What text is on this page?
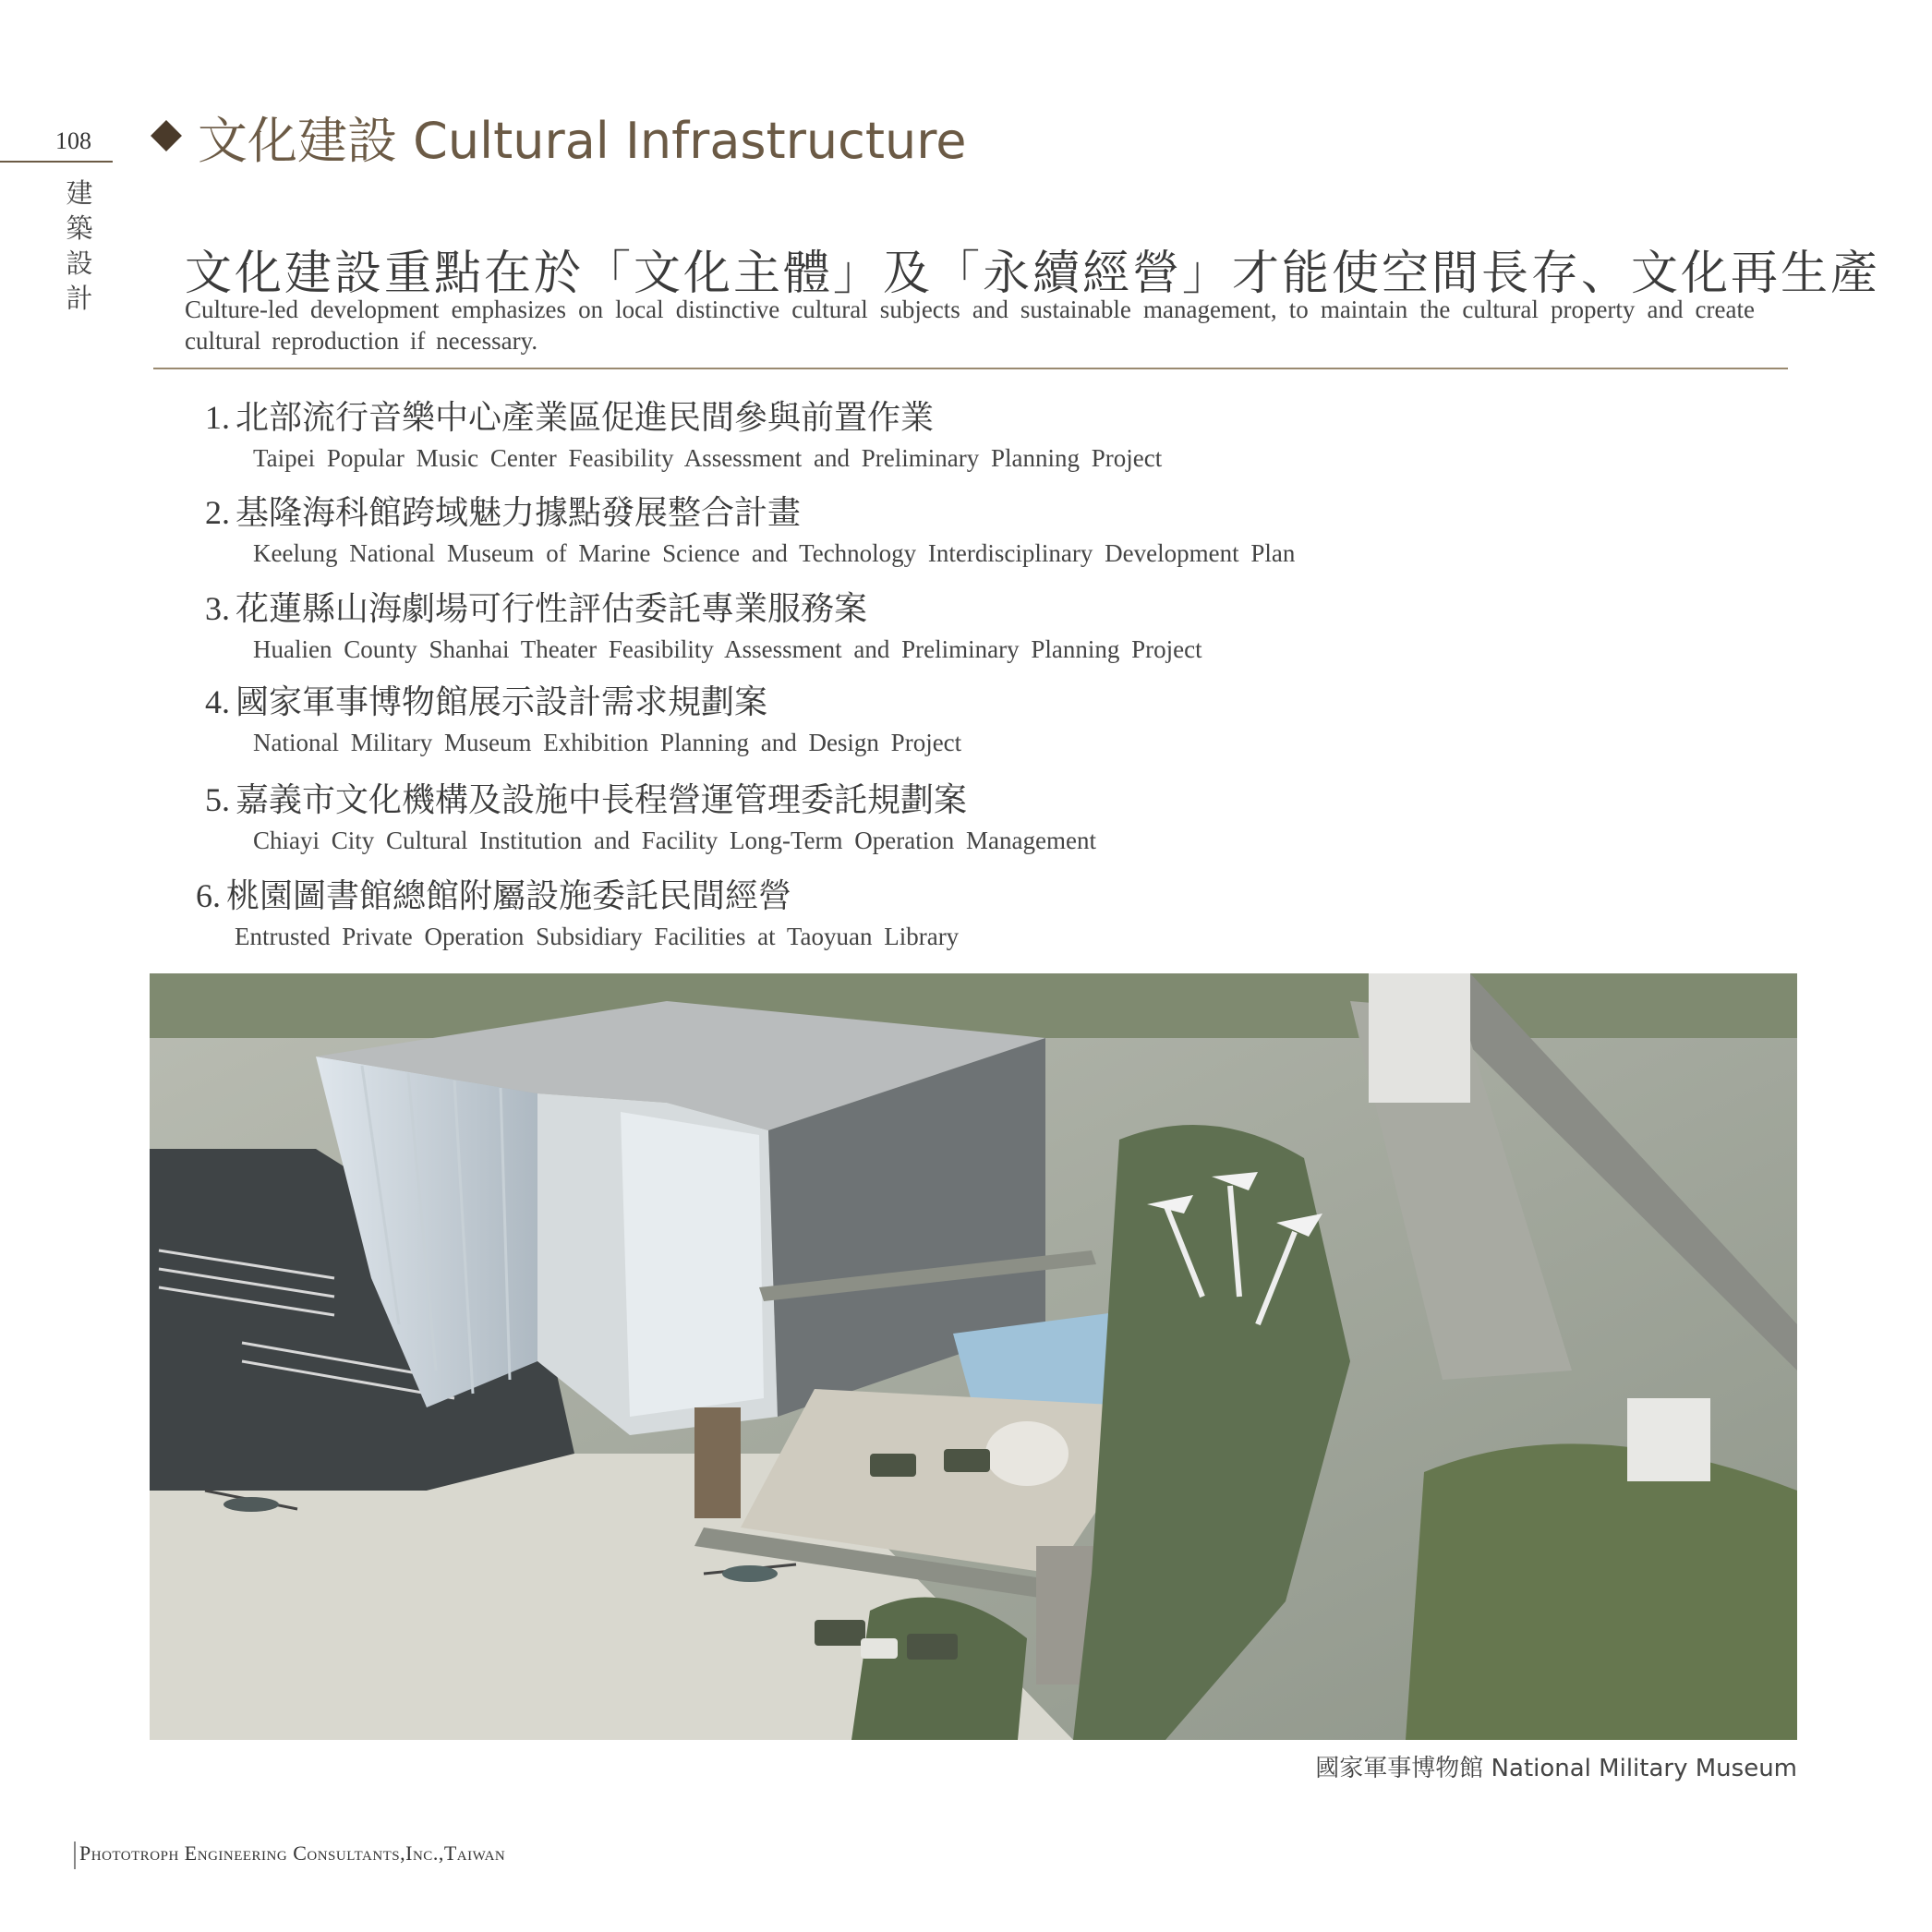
108
建
築
設
計
文化建設 Cultural Infrastructure
文化建設重點在於「文化主體」及「永續經營」才能使空間長存、文化再生產
Culture-led development emphasizes on local distinctive cultural subjects and sustainable management, to maintain the cultural property and create cultural reproduction if necessary.
1. 北部流行音樂中心產業區促進民間參與前置作業
Taipei Popular Music Center Feasibility Assessment and Preliminary Planning Project
2. 基隆海科館跨域魅力據點發展整合計畫
Keelung National Museum of Marine Science and Technology Interdisciplinary Development Plan
3. 花蓮縣山海劇場可行性評估委託專業服務案
Hualien County Shanhai Theater Feasibility Assessment and Preliminary Planning Project
4. 國家軍事博物館展示設計需求規劃案
National Military Museum Exhibition Planning and Design Project
5. 嘉義市文化機構及設施中長程營運管理委託規劃案
Chiayi City Cultural Institution and Facility Long-Term Operation Management
6. 桃園圖書館總館附屬設施委託民間經營
Entrusted Private Operation Subsidiary Facilities at Taoyuan Library
國家軍事博物館 National Military Museum
Phototroph Engineering Consultants,Inc.,Taiwan
